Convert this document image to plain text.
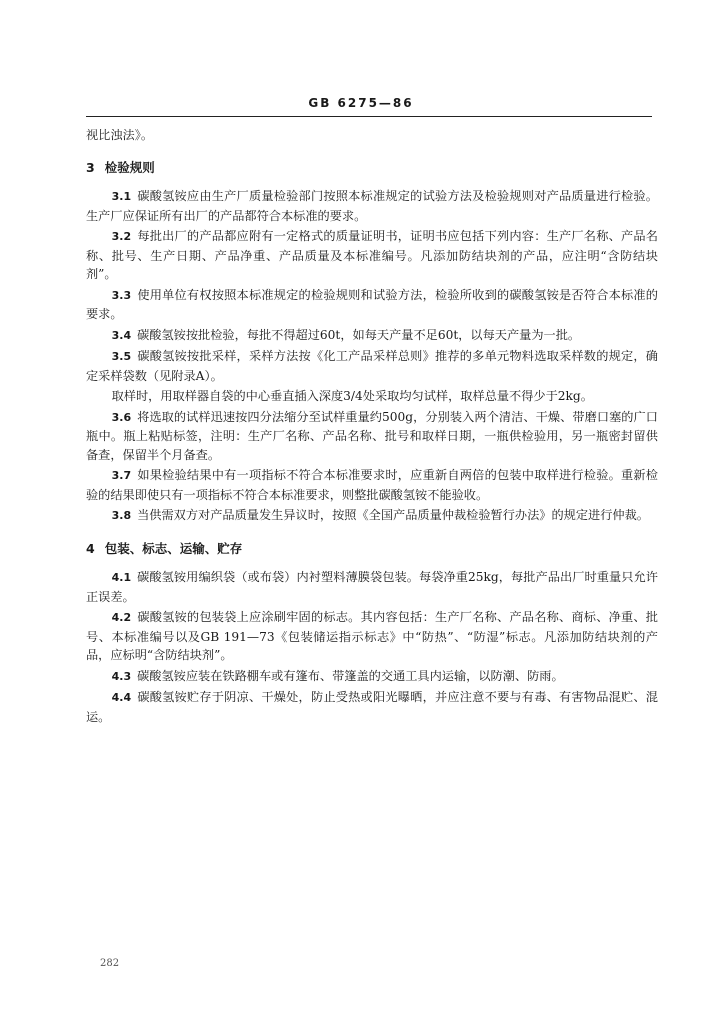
GB 6275—86

视比浊法》。

3 检验规则

3.1 碳酸氢铵应由生产厂质量检验部门按照本标准规定的试验方法及检验规则对产品质量进行检验。生产厂应保证所有出厂的产品都符合本标准的要求。

3.2 每批出厂的产品都应附有一定格式的质量证明书，证明书应包括下列内容：生产厂名称、产品名称、批号、生产日期、产品净重、产品质量及本标准编号。凡添加防结块剂的产品，应注明“含防结块剂”。

3.3 使用单位有权按照本标准规定的检验规则和试验方法，检验所收到的碳酸氢铵是否符合本标准的要求。

3.4 碳酸氢铵按批检验，每批不得超过60t，如每天产量不足60t，以每天产量为一批。

3.5 碳酸氢铵按批采样，采样方法按《化工产品采样总则》推荐的多单元物料选取采样数的规定，确定采样袋数（见附录A）。

取样时，用取样器自袋的中心垂直插入深度3/4处采取均匀试样，取样总量不得少于2kg。

3.6 将选取的试样迅速按四分法缩分至试样重量约500g，分别装入两个清洁、干燥、带磨口塞的广口瓶中。瓶上粘贴标签，注明：生产厂名称、产品名称、批号和取样日期，一瓶供检验用，另一瓶密封留供备查，保留半个月备查。

3.7 如果检验结果中有一项指标不符合本标准要求时，应重新自两倍的包装中取样进行检验。重新检验的结果即使只有一项指标不符合本标准要求，则整批碳酸氢铵不能验收。

3.8 当供需双方对产品质量发生异议时，按照《全国产品质量仲裁检验暂行办法》的规定进行仲裁。

4 包装、标志、运输、贮存

4.1 碳酸氢铵用编织袋（或布袋）内衬塑料薄膜袋包装。每袋净重25kg，每批产品出厂时重量只允许正误差。

4.2 碳酸氢铵的包装袋上应涂刷牢固的标志。其内容包括：生产厂名称、产品名称、商标、净重、批号、本标准编号以及GB 191—73《包装储运指示标志》中“防热”、“防湿”标志。凡添加防结块剂的产品，应标明“含防结块剂”。

4.3 碳酸氢铵应装在铁路棚车或有篷布、带篷盖的交通工具内运输，以防潮、防雨。

4.4 碳酸氢铵贮存于阴凉、干燥处，防止受热或阳光曝晒，并应注意不要与有毒、有害物品混贮、混运。

282
